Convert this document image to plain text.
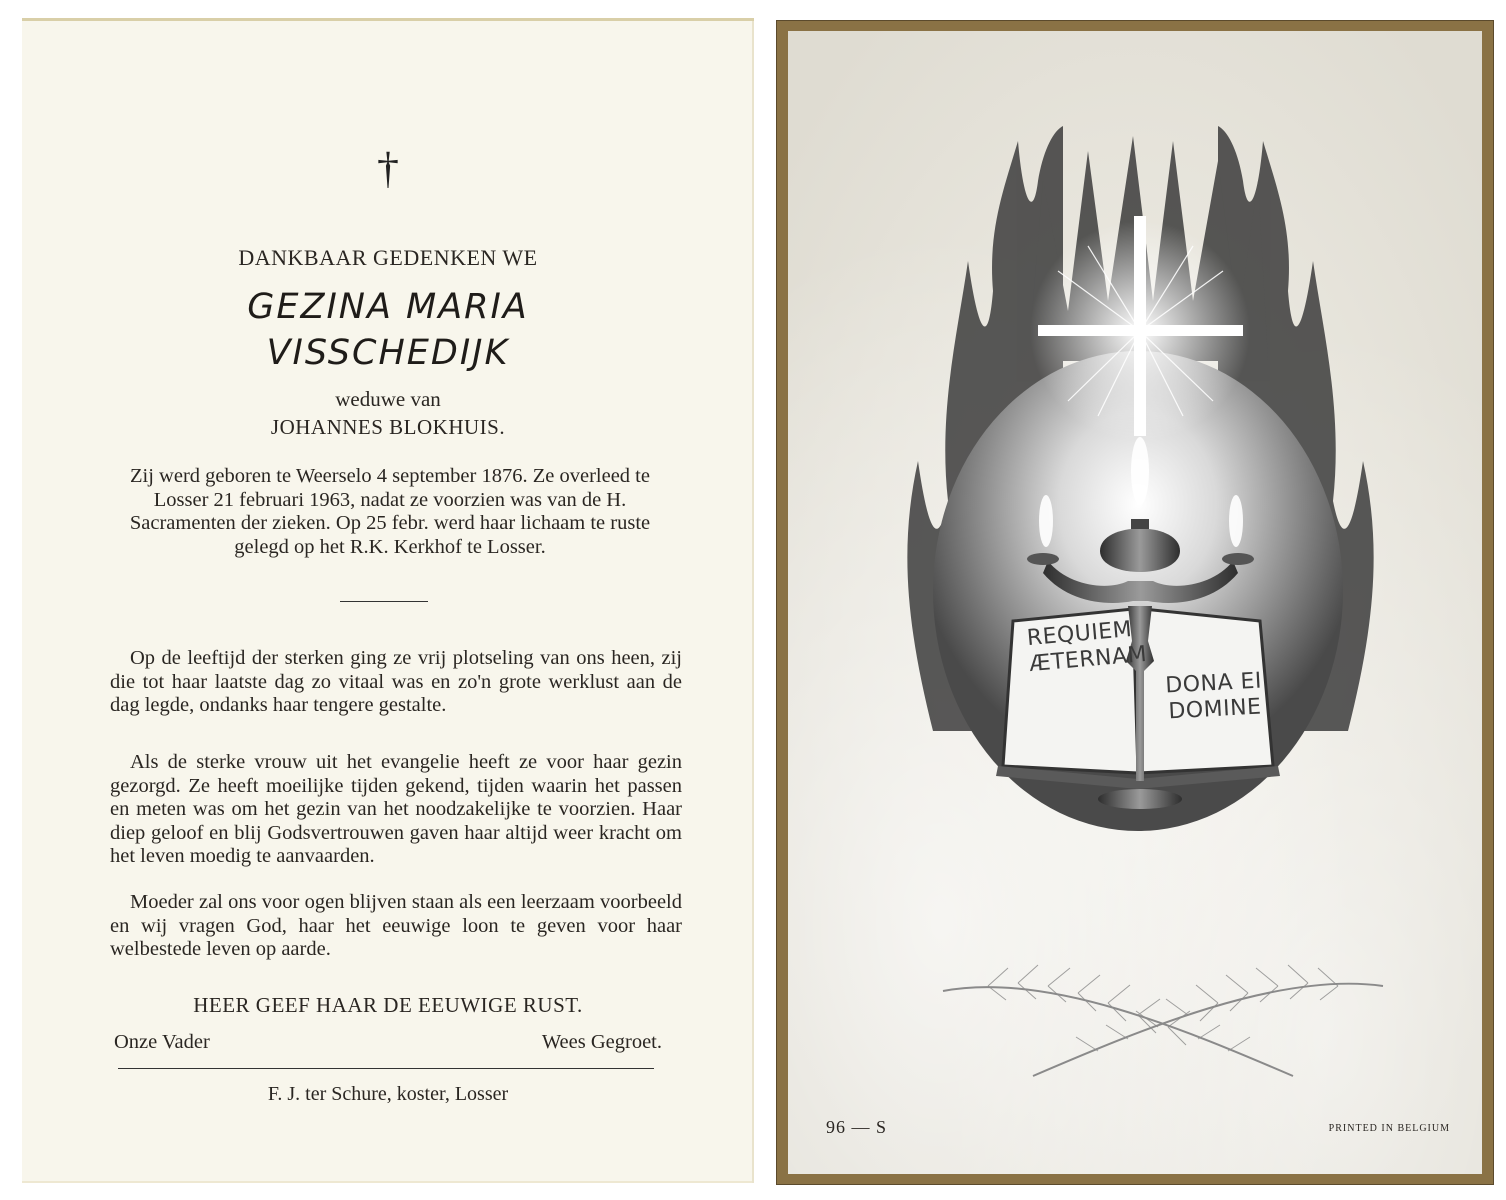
†
DANKBAAR GEDENKEN WE
GEZINA MARIA
VISSCHEDIJK
weduwe van
JOHANNES BLOKHUIS.
Zij werd geboren te Weerselo 4 september 1876. Ze overleed te Losser 21 februari 1963, nadat ze voorzien was van de H. Sacramenten der zieken. Op 25 febr. werd haar lichaam te ruste gelegd op het R.K. Kerkhof te Losser.
Op de leeftijd der sterken ging ze vrij plotseling van ons heen, zij die tot haar laatste dag zo vitaal was en zo'n grote werklust aan de dag legde, ondanks haar tengere gestalte.
Als de sterke vrouw uit het evangelie heeft ze voor haar gezin gezorgd. Ze heeft moeilijke tijden gekend, tijden waarin het passen en meten was om het gezin van het noodzakelijke te voorzien. Haar diep geloof en blij Godsvertrouwen gaven haar altijd weer kracht om het leven moedig te aanvaarden.
Moeder zal ons voor ogen blijven staan als een leerzaam voorbeeld en wij vragen God, haar het eeuwige loon te geven voor haar welbestede leven op aarde.
HEER GEEF HAAR DE EEUWIGE RUST.
Onze Vader	Wees Gegroet.
F. J. ter Schure, koster, Losser
REQUIEM
ÆTERNAM
DONA EI
DOMINE
96 — S	PRINTED IN BELGIUM
